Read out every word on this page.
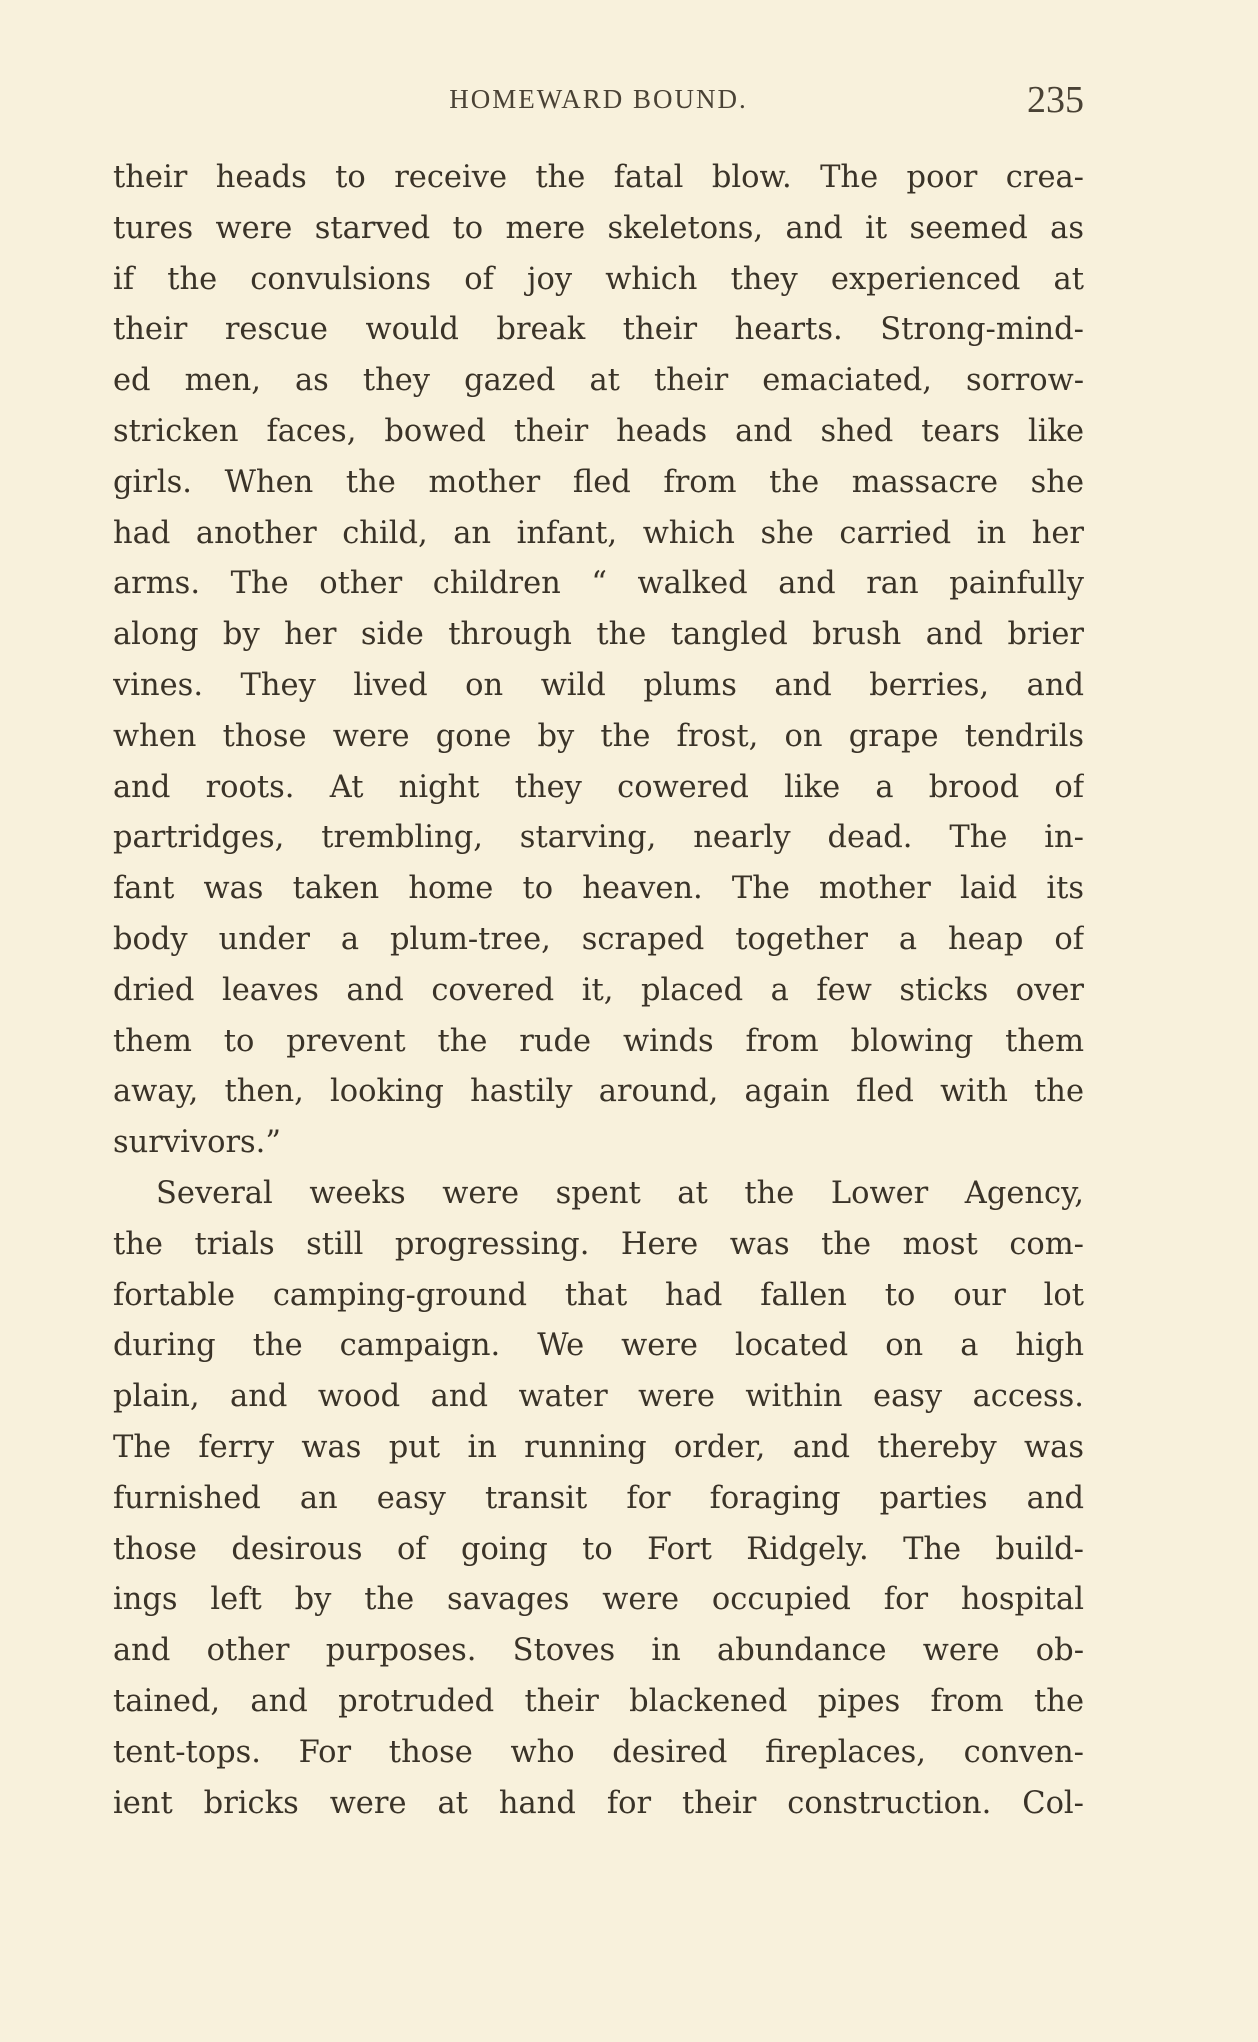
HOMEWARD BOUND.	235
their heads to receive the fatal blow. The poor crea-
tures were starved to mere skeletons, and it seemed as
if the convulsions of joy which they experienced at
their rescue would break their hearts. Strong-mind-
ed men, as they gazed at their emaciated, sorrow-
stricken faces, bowed their heads and shed tears like
girls. When the mother fled from the massacre she
had another child, an infant, which she carried in her
arms. The other children “ walked and ran painfully
along by her side through the tangled brush and brier
vines. They lived on wild plums and berries, and
when those were gone by the frost, on grape tendrils
and roots. At night they cowered like a brood of
partridges, trembling, starving, nearly dead. The in-
fant was taken home to heaven. The mother laid its
body under a plum-tree, scraped together a heap of
dried leaves and covered it, placed a few sticks over
them to prevent the rude winds from blowing them
away, then, looking hastily around, again fled with the
survivors.”
Several weeks were spent at the Lower Agency,
the trials still progressing. Here was the most com-
fortable camping-ground that had fallen to our lot
during the campaign. We were located on a high
plain, and wood and water were within easy access.
The ferry was put in running order, and thereby was
furnished an easy transit for foraging parties and
those desirous of going to Fort Ridgely. The build-
ings left by the savages were occupied for hospital
and other purposes. Stoves in abundance were ob-
tained, and protruded their blackened pipes from the
tent-tops. For those who desired fireplaces, conven-
ient bricks were at hand for their construction. Col-
